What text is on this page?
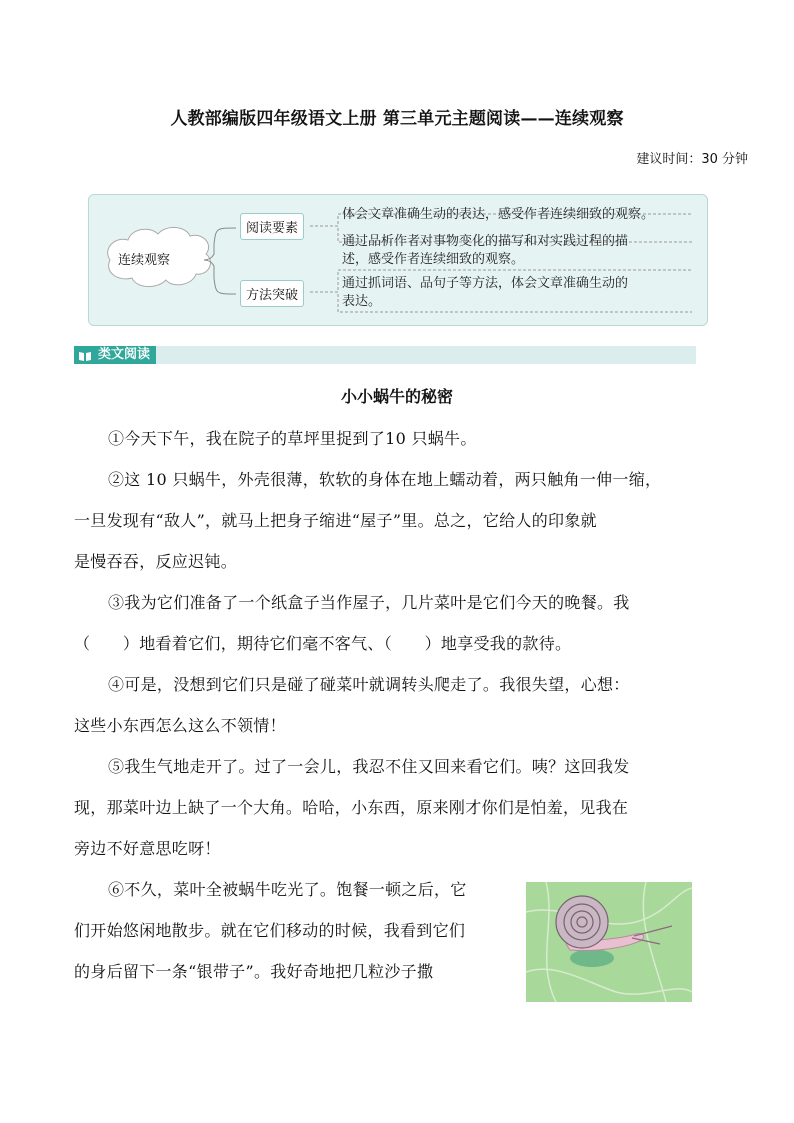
人教部编版四年级语文上册 第三单元主题阅读——连续观察
建议时间：30 分钟
连续观察
阅读要素
方法突破
体会文章准确生动的表达，感受作者连续细致的观察。
通过品析作者对事物变化的描写和对实践过程的描
述，感受作者连续细致的观察。
通过抓词语、品句子等方法，体会文章准确生动的
表达。
类文阅读
小小蜗牛的秘密
①今天下午，我在院子的草坪里捉到了10 只蜗牛。
②这 10 只蜗牛，外壳很薄，软软的身体在地上蠕动着，两只触角一伸一缩，
一旦发现有“敌人”，就马上把身子缩进“屋子”里。总之，它给人的印象就
是慢吞吞，反应迟钝。
③我为它们准备了一个纸盒子当作屋子，几片菜叶是它们今天的晚餐。我
（　　）地看着它们，期待它们毫不客气、（　　）地享受我的款待。
④可是，没想到它们只是碰了碰菜叶就调转头爬走了。我很失望，心想：
这些小东西怎么这么不领情！
⑤我生气地走开了。过了一会儿，我忍不住又回来看它们。咦？这回我发
现，那菜叶边上缺了一个大角。哈哈，小东西，原来刚才你们是怕羞，见我在
旁边不好意思吃呀！
⑥不久，菜叶全被蜗牛吃光了。饱餐一顿之后，它
们开始悠闲地散步。就在它们移动的时候，我看到它们
的身后留下一条“银带子”。我好奇地把几粒沙子撒
